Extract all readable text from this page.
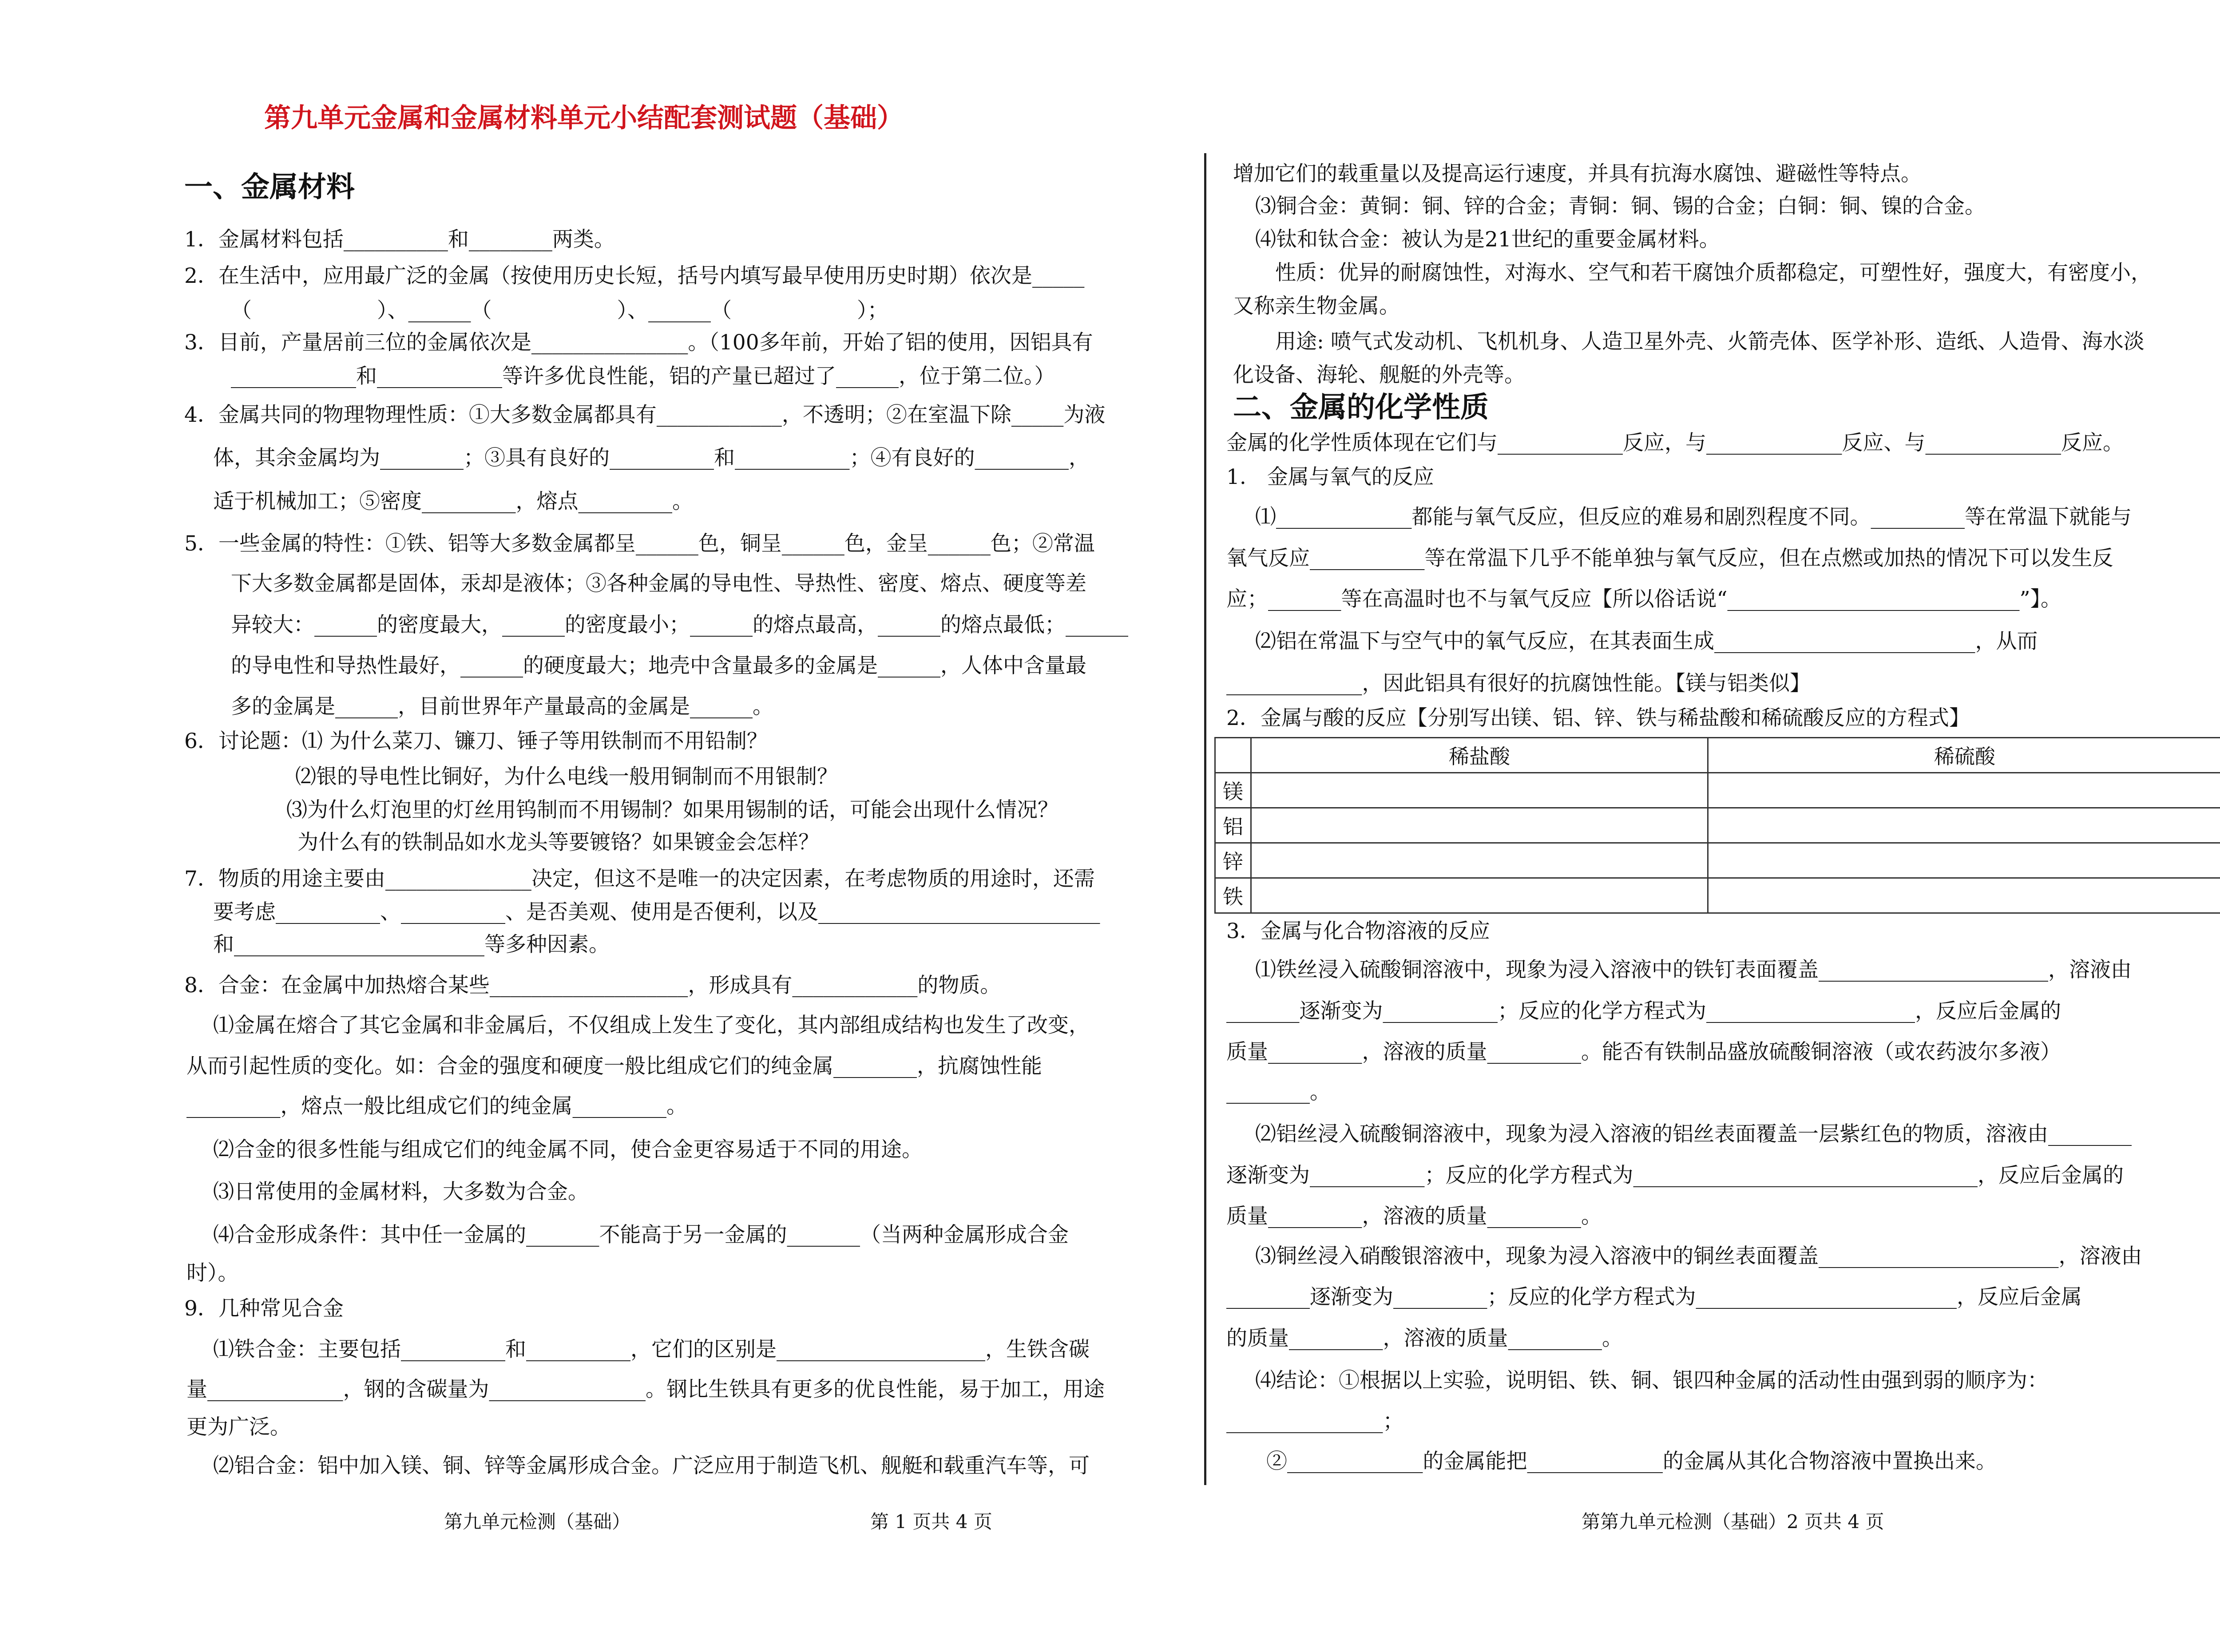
第九单元金属和金属材料单元小结配套测试题（基础）
一、金属材料
1．金属材料包括__________和________两类。
2．在生活中，应用最广泛的金属（按使用历史长短，括号内填写最早使用历史时期）依次是_____
（　　　　　　）、______（　　　　　　）、______（　　　　　　）；
3．目前，产量居前三位的金属依次是_______________。（100多年前，开始了铝的使用，因铝具有
____________和____________等许多优良性能，铝的产量已超过了______，位于第二位。）
4．金属共同的物理物理性质：①大多数金属都具有____________，不透明；②在室温下除_____为液
体，其余金属均为________；③具有良好的__________和___________；④有良好的_________，
适于机械加工；⑤密度_________，熔点_________。
5．一些金属的特性：①铁、铝等大多数金属都呈______色，铜呈______色，金呈______色；②常温
下大多数金属都是固体，汞却是液体；③各种金属的导电性、导热性、密度、熔点、硬度等差
异较大：______的密度最大，______的密度最小；______的熔点最高，______的熔点最低；______
的导电性和导热性最好，______的硬度最大；地壳中含量最多的金属是______，人体中含量最
多的金属是______，目前世界年产量最高的金属是______。
6．讨论题：⑴ 为什么菜刀、镰刀、锤子等用铁制而不用铅制？
⑵银的导电性比铜好，为什么电线一般用铜制而不用银制？
⑶为什么灯泡里的灯丝用钨制而不用锡制？如果用锡制的话，可能会出现什么情况？
为什么有的铁制品如水龙头等要镀铬？如果镀金会怎样？
7．物质的用途主要由______________决定，但这不是唯一的决定因素，在考虑物质的用途时，还需
要考虑__________、__________、是否美观、使用是否便利，以及___________________________
和________________________等多种因素。
8．合金：在金属中加热熔合某些___________________，形成具有____________的物质。
⑴金属在熔合了其它金属和非金属后，不仅组成上发生了变化，其内部组成结构也发生了改变，
从而引起性质的变化。如：合金的强度和硬度一般比组成它们的纯金属________，抗腐蚀性能
_________，熔点一般比组成它们的纯金属_________。
⑵合金的很多性能与组成它们的纯金属不同，使合金更容易适于不同的用途。
⑶日常使用的金属材料，大多数为合金。
⑷合金形成条件：其中任一金属的_______不能高于另一金属的_______（当两种金属形成合金
时）。
9．几种常见合金
⑴铁合金：主要包括__________和__________，它们的区别是____________________，生铁含碳
量_____________，钢的含碳量为_______________。钢比生铁具有更多的优良性能，易于加工，用途
更为广泛。
⑵铝合金：铝中加入镁、铜、锌等金属形成合金。广泛应用于制造飞机、舰艇和载重汽车等，可
第九单元检测（基础）	第 1 页共 4 页
增加它们的载重量以及提高运行速度，并具有抗海水腐蚀、避磁性等特点。
⑶铜合金：黄铜：铜、锌的合金；青铜：铜、锡的合金；白铜：铜、镍的合金。
⑷钛和钛合金：被认为是21世纪的重要金属材料。
性质：优异的耐腐蚀性，对海水、空气和若干腐蚀介质都稳定，可塑性好，强度大，有密度小，
又称亲生物金属。
用途: 喷气式发动机、飞机机身、人造卫星外壳、火箭壳体、医学补形、造纸、人造骨、海水淡
化设备、海轮、舰艇的外壳等。
二、金属的化学性质
金属的化学性质体现在它们与____________反应，与_____________反应、与_____________反应。
1.　金属与氧气的反应
⑴_____________都能与氧气反应，但反应的难易和剧烈程度不同。_________等在常温下就能与
氧气反应___________等在常温下几乎不能单独与氧气反应，但在点燃或加热的情况下可以发生反
应；_______等在高温时也不与氧气反应【所以俗话说“____________________________”】。
⑵铝在常温下与空气中的氧气反应，在其表面生成_________________________，从而
_____________，因此铝具有很好的抗腐蚀性能。【镁与铝类似】
2．金属与酸的反应【分别写出镁、铝、锌、铁与稀盐酸和稀硫酸反应的方程式】
3．金属与化合物溶液的反应
⑴铁丝浸入硫酸铜溶液中，现象为浸入溶液中的铁钉表面覆盖______________________，溶液由
_______逐渐变为___________；反应的化学方程式为____________________，反应后金属的
质量_________，溶液的质量_________。能否有铁制品盛放硫酸铜溶液（或农药波尔多液）
________。
⑵铝丝浸入硫酸铜溶液中，现象为浸入溶液的铝丝表面覆盖一层紫红色的物质，溶液由________
逐渐变为___________；反应的化学方程式为_________________________________，反应后金属的
质量_________，溶液的质量_________。
⑶铜丝浸入硝酸银溶液中，现象为浸入溶液中的铜丝表面覆盖_______________________，溶液由
________逐渐变为_________；反应的化学方程式为_________________________，反应后金属
的质量_________，溶液的质量_________。
⑷结论：①根据以上实验，说明铝、铁、铜、银四种金属的活动性由强到弱的顺序为：
_______________；
②_____________的金属能把_____________的金属从其化合物溶液中置换出来。
第第九单元检测（基础）2 页共 4 页
	稀盐酸	稀硫酸
镁		
铝		
锌		
铁		
